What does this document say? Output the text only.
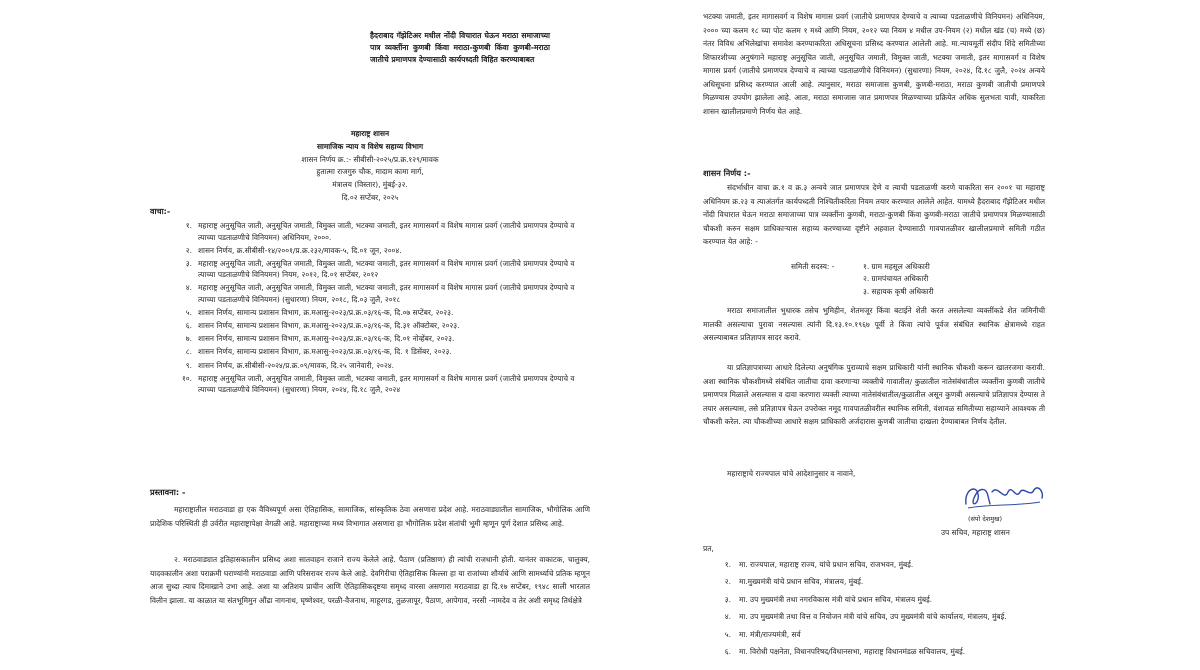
हैदराबाद गॅझेटिअर मधील नोंदी विचारात घेऊन मराठा समाजाच्या पात्र व्यक्तींना कुणबी किंवा मराठा-कुणबी किंवा कुणबी-मराठा जातीचे प्रमाणपत्र देण्यासाठी कार्यपध्दती विहित करण्याबाबत
महाराष्ट्र शासन
सामाजिक न्याय व विशेष सहाय्य विभाग
शासन निर्णय क्र.:- सीबीसी-२०२५/प्र.क्र.१२९/मावक
हुतात्मा राजगुरु चौक, मादाम कामा मार्ग,
मंत्रालय (विस्तार), मुंबई-३२.
दि.०२ सप्टेंबर, २०२५
वाचा:-
१. महाराष्ट्र अनुसूचित जाती, अनुसूचित जमाती, विमुक्त जाती, भटक्या जमाती, इतर मागासवर्ग व विशेष मागास प्रवर्ग (जातीचे प्रमाणपत्र देण्याचे व त्याच्या पडताळणीचे विनियमन) अधिनियम, २०००.
२. शासन निर्णय, क्र.सीबीसी-१४/२००१/प्र.क्र.२३२/मावक-५, दि.०१ जून, २००४.
३. महाराष्ट्र अनुसूचित जाती, अनुसूचित जमाती, विमुक्त जाती, भटक्या जमाती, इतर मागासवर्ग व विशेष मागास प्रवर्ग (जातीचे प्रमाणपत्र देण्याचे व त्याच्या पडताळणीचे विनियमन) नियम, २०१२, दि.०१ सप्टेंबर, २०१२
४. महाराष्ट्र अनुसूचित जाती, अनुसूचित जमाती, विमुक्त जाती, भटक्या जमाती, इतर मागासवर्ग व विशेष मागास प्रवर्ग (जातीचे प्रमाणपत्र देण्याचे व त्याच्या पडताळणीचे विनियमन) (सुधारणा) नियम, २०१८, दि.०३ जुलै, २०१८
५. शासन निर्णय, सामान्य प्रशासन विभाग, क्र.मआसु-२०२३/प्र.क्र.०३/१६-क, दि.०७ सप्टेंबर, २०२३.
६. शासन निर्णय, सामान्य प्रशासन विभाग, क्र.मआसु-२०२३/प्र.क्र.०३/१६-क, दि.३१ ऑक्टोबर, २०२३.
७. शासन निर्णय, सामान्य प्रशासन विभाग, क्र.मआसु-२०२३/प्र.क्र.०३/१६-क, दि.०१ नोव्हेंबर, २०२३.
८. शासन निर्णय, सामान्य प्रशासन विभाग, क्र.मआसु-२०२३/प्र.क्र.०३/१६-क, दि. १ डिसेंबर, २०२३.
९. शासन निर्णय, क्र.सीबीसी-२०२४/प्र.क्र.०९/मावक, दि.२५ जानेवारी, २०२४.
१०. महाराष्ट्र अनुसूचित जाती, अनुसूचित जमाती, विमुक्त जाती, भटक्या जमाती, इतर मागासवर्ग व विशेष मागास प्रवर्ग (जातीचे प्रमाणपत्र देण्याचे व त्याच्या पडताळणीचे विनियमन) (सुधारणा) नियम, २०२४, दि.१८ जुलै, २०२४
प्रस्तावना: -
महाराष्ट्रातील मराठवाडा हा एक वैविध्यपूर्ण असा ऐतिहासिक, सामाजिक, सांस्कृतिक ठेवा असणारा प्रदेश आहे. मराठवाड्यातील सामाजिक, भौगोलिक आणि प्रादेशिक परिस्थिती ही उर्वरीत महाराष्ट्रापेक्षा वेगळी आहे. महाराष्ट्राच्या मध्य विभागात असणारा हा भौगोलिक प्रदेश संतांची भूमी म्हणून पूर्ण देशात प्रसिध्द आहे.
२. मराठवाड्यात इतिहासकालीन प्रसिध्द अशा सातवाहन राजाने राज्य केलेले आहे. पैठाण (प्रतिष्ठाण) ही त्यांची राजधानी होती. यानंतर वाकाटक, चालुक्य, यादवकालीन अशा पराक्रमी घराण्यांनी मराठवाडा आणि परिसरावर राज्य केले आहे. देवगिरीचा ऐतिहासिक किल्ला हा या राजांच्या शौर्याचे आणि सामर्थ्याचे प्रतिक म्हणून आज सुध्दा त्याच दिमाखाने उभा आहे. अशा या अतिशय प्राचीन आणि ऐतिहासिकदृष्टया समृध्द वारसा असणारा मराठवाडा हा दि.१७ सप्टेंबर, १९४८ साली भारतात विलीन झाला. या काळात या संतभूमिमुन औंढा नागनाथ, घृष्णेश्वर, परळी-वैजनाथ, माहूरगड, तुळजापूर, पैठाण, आपेगाव, नरसी -नामदेव व तेर अशी समृध्द तिर्थक्षेत्रे
भटक्या जमाती, इतर मागासवर्ग व विशेष मागास प्रवर्ग (जातीचे प्रमाणपत्र देण्याचे व त्याच्या पडताळणीचे विनियमन) अधिनियम, २००० च्या कलम १८ च्या पोट कलम १ मध्ये आणि नियम, २०१२ च्या नियम ४ मधील उप-नियम (२) मधील खंड (च) मध्ये (छ) नंतर विविध अभिलेखांचा समावेश करण्याकरिता अधिसूचना प्रसिध्द करण्यात आलेली आहे. मा.न्यायमूर्ती संदीप शिंदे समितीच्या शिफारशीच्या अनुषंगाने महाराष्ट्र अनुसूचित जाती, अनुसूचित जमाती, विमुक्त जाती, भटक्या जमाती, इतर मागासवर्ग व विशेष मागास प्रवर्ग (जातीचे प्रमाणपत्र देण्याचे व त्याच्या पडताळणीचे विनियमन) (सुधारणा) नियम, २०२४, दि.१८ जुलै, २०२४ अन्वये अधिसूचना प्रसिध्द करण्यात आली आहे. त्यानुसार, मराठा समाजास कुणबी, कुणबी-मराठा, मराठा कुणबी जातीची प्रमाणपत्रे मिळण्यास उपयोग झालेला आहे. आता, मराठा समाजास जात प्रमाणपत्र मिळण्याच्या प्रक्रियेत अधिक सुलभता यावी, याकरिता शासन खालीलप्रमाणे निर्णय घेत आहे.
शासन निर्णय :-
संदर्भाधीन वाचा क्र.१ व क्र.३ अन्वये जात प्रमाणपत्र देणे व त्याची पडताळणी करणे याकरिता सन २००१ चा महाराष्ट्र अधिनियम क्र.२३ व त्याअंतर्गत कार्यपध्दती निश्चितीकरिता नियम तयार करण्यात आलेले आहेत. यामध्ये हैदराबाद गॅझेटिअर मधील नोंदी विचारात घेऊन मराठा समाजाच्या पात्र व्यक्तींना कुणबी, मराठा-कुणबी किंवा कुणबी-मराठा जातीचे प्रमाणपत्र मिळण्यासाठी चौकशी करुन सक्षम प्राधिकाऱ्यास सहाय्य करण्याच्या दृष्टीने अहवाल देण्यासाठी गावपातळीवर खालीलप्रमाणे समिती गठीत करण्यात येत आहे: -
समिती सदस्य: -	१. ग्राम महसूल अधिकारी
२. ग्रामपंचायत अधिकारी
३. सहायक कृषी अधिकारी
मराठा समाजातील भुधारक तसेच भुमिहीन, शेतमजूर किंवा बटाईने शेती करत असलेल्या व्यक्तींकडे शेत जमिनीची मालकी असल्याचा पुरावा नसल्यास त्यांनी दि.१३.१०.१९६७ पूर्वी ते किंवा त्यांचे पूर्वज संबंधित स्थानिक क्षेत्रामध्ये राहत असल्याबाबत प्रतिज्ञापत्र सादर करावे.
या प्रतिज्ञापत्राच्या आधारे दिलेल्या अनुषंगिक पुराव्याचे सक्षम प्राधिकारी यांनी स्थानिक चौकशी करून खातरजमा करावी. अशा स्थानिक चौकशीमध्ये संबंधित जातीचा दावा करणाऱ्या व्यक्तीचे गावातील/ कुळातील नातेसंबंधातील व्यक्तींना कुणबी जातीचे प्रमाणपत्र मिळाले असल्यास व दावा करणारा व्यक्ती त्याच्या नातेसंबंधातील/कुळातील असून कुणबी असल्याचे प्रतिज्ञापत्र देण्यास ते तयार असल्यास, तसे प्रतिज्ञापत्र घेऊन उपरोक्त नमूद गावपातळीवरील स्थानिक समिती, वंशावळ समितीच्या सहाय्याने आवश्यक ती चौकशी करेल. त्या चौकशीच्या आधारे सक्षम प्राधिकारी अर्जदारास कुणबी जातीचा दाखला देण्याबाबत निर्णय देतील.
महाराष्ट्राचे राज्यपाल यांचे आदेशानुसार व नावाने,
(संपो देशमुख)
उप सचिव, महाराष्ट्र शासन
प्रत,
१.	मा. राज्यपाल, महाराष्ट्र राज्य, यांचे प्रधान सचिव, राजभवन, मुंबई.
२.	मा.मुख्यमंत्री यांचे प्रधान सचिव, मंत्रालय, मुंबई.
३.	मा. उप मुख्यमंत्री तथा नगरविकास मंत्री यांचे प्रधान सचिव, मंत्रालय मुंबई.
४.	मा. उप मुख्यमंत्री तथा वित्त व नियोजन मंत्री यांचे सचिव, उप मुख्यमंत्री यांचे कार्यालय, मंत्रालय, मुंबई.
५.	मा. मंत्री/राज्यमंत्री, सर्व
६.	मा. विरोधी पक्षनेता, विधानपरिषद/विधानसभा, महाराष्ट्र विधानमंडळ सचिवालय, मुंबई.
